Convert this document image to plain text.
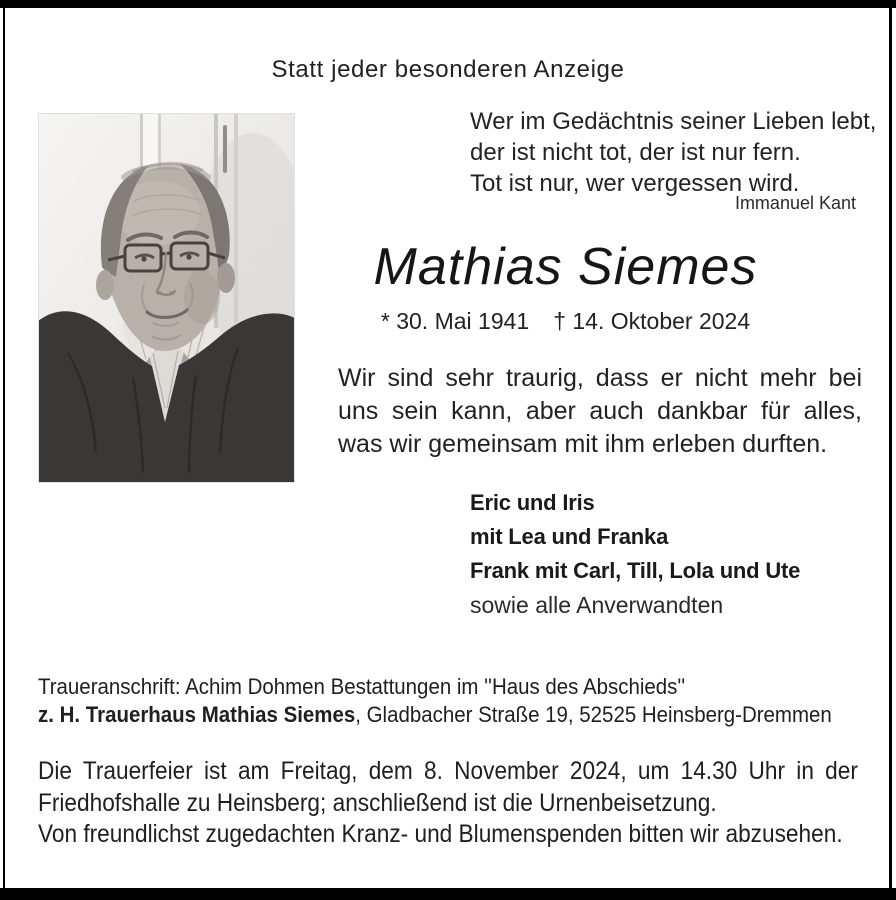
Statt jeder besonderen Anzeige
Wer im Gedächtnis seiner Lieben lebt,
der ist nicht tot, der ist nur fern.
Tot ist nur, wer vergessen wird.
Immanuel Kant
Mathias Siemes
* 30. Mai 1941 † 14. Oktober 2024
Wir sind sehr traurig, dass er nicht mehr bei uns sein kann, aber auch dankbar für alles, was wir gemeinsam mit ihm erleben durften.
Eric und Iris
mit Lea und Franka
Frank mit Carl, Till, Lola und Ute
sowie alle Anverwandten
Traueranschrift: Achim Dohmen Bestattungen im ''Haus des Abschieds''
z. H. Trauerhaus Mathias Siemes, Gladbacher Straße 19, 52525 Heinsberg-Dremmen
Die Trauerfeier ist am Freitag, dem 8. November 2024, um 14.30 Uhr in der Friedhofshalle zu Heinsberg; anschließend ist die Urnenbeisetzung.
Von freundlichst zugedachten Kranz- und Blumenspenden bitten wir abzusehen.
